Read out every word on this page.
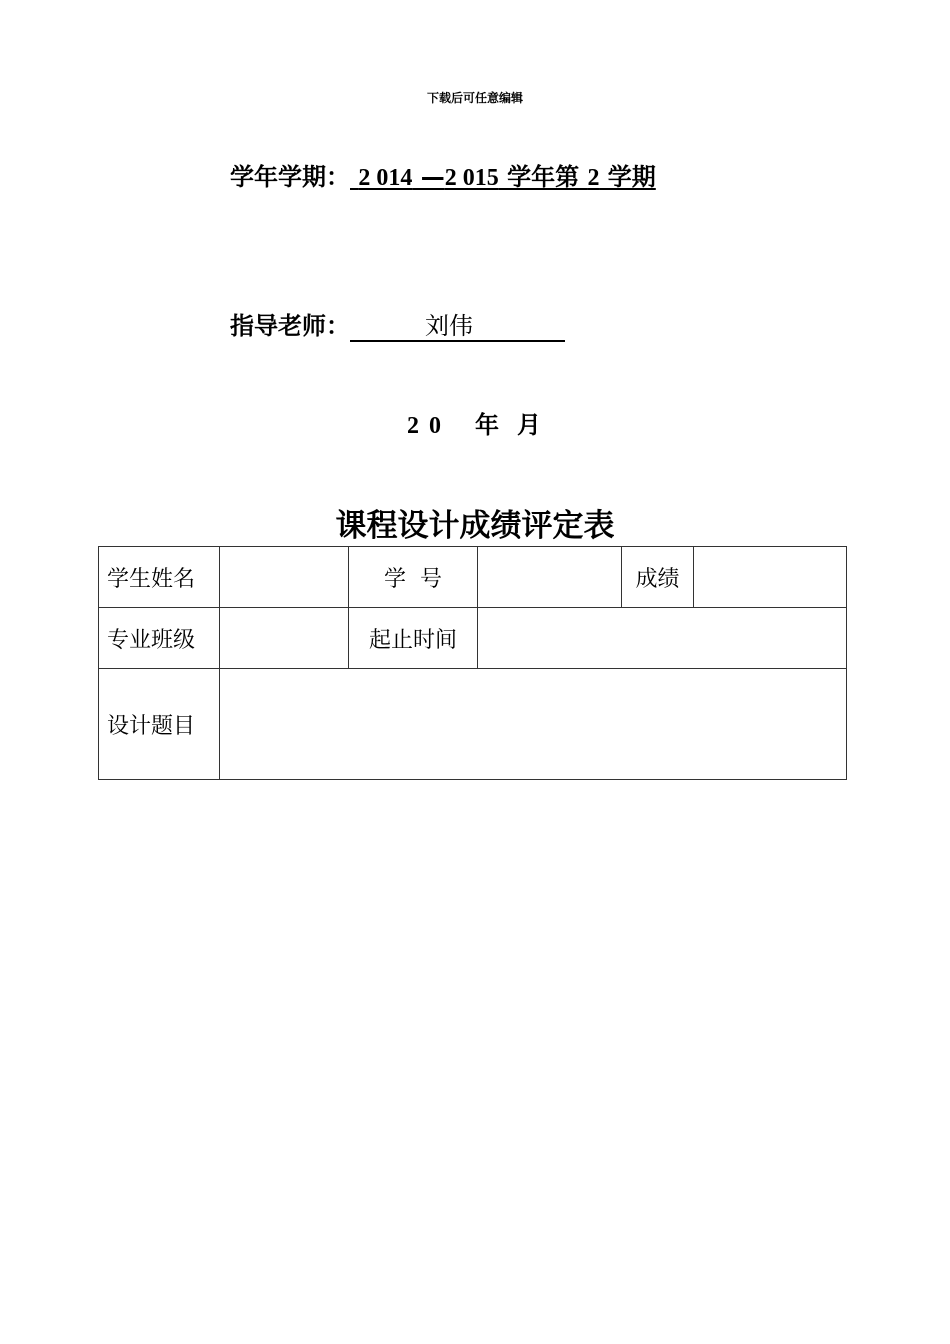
下载后可任意编辑
学年学期： 2 014 —2 015 学年第 2 学期
指导老师：	刘伟
2 0    年  月
课程设计成绩评定表
学生姓名		学  号		成绩	
专业班级		起止时间			
设计题目					
